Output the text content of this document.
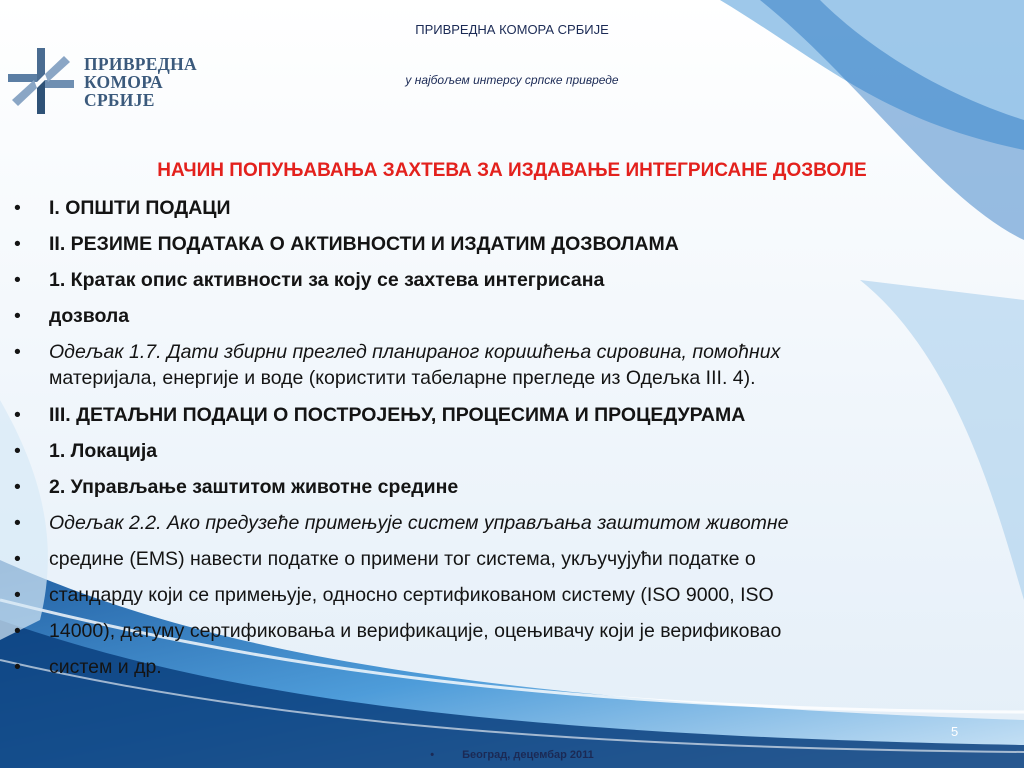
ПРИВРЕДНА
КОМОРА
СРБИЈЕ
ПРИВРЕДНА КОМОРА СРБИЈЕ
у најбољем интерсу српске привреде
НАЧИН ПОПУЊАВАЊА ЗАХТЕВА ЗА ИЗДАВАЊЕ ИНТЕГРИСАНЕ ДОЗВОЛЕ
•	I. ОПШТИ ПОДАЦИ
•	II. РЕЗИМЕ ПОДАТАКА О АКТИВНОСТИ И ИЗДАТИМ ДОЗВОЛАМА
•	1. Кратак опис активности за коју се захтева интегрисана
•	дозвола
•	Одељак 1.7. Дати збирни преглед планираног коришћења сировина, помоћних
материјала, енергије и воде (користити табеларне прегледе из Одељка III. 4).
•	III. ДЕТАЉНИ ПОДАЦИ О ПОСТРОЈЕЊУ, ПРОЦЕСИМА И ПРОЦЕДУРАМА
•	1. Локација
•	2. Управљање заштитом животне средине
•	Одељак 2.2. Ако предузеће примењује систем управљања заштитом животне
•	средине (EMS) навести податке о примени тог система, укључујући податке о
•	стандарду који се примењује, односно сертификованом систему (ISO 9000, ISO
•	14000), датуму сертификовања и верификације, оцењивачу који је верификовао
•	систем и др.
5
•	Београд, децембар 2011
